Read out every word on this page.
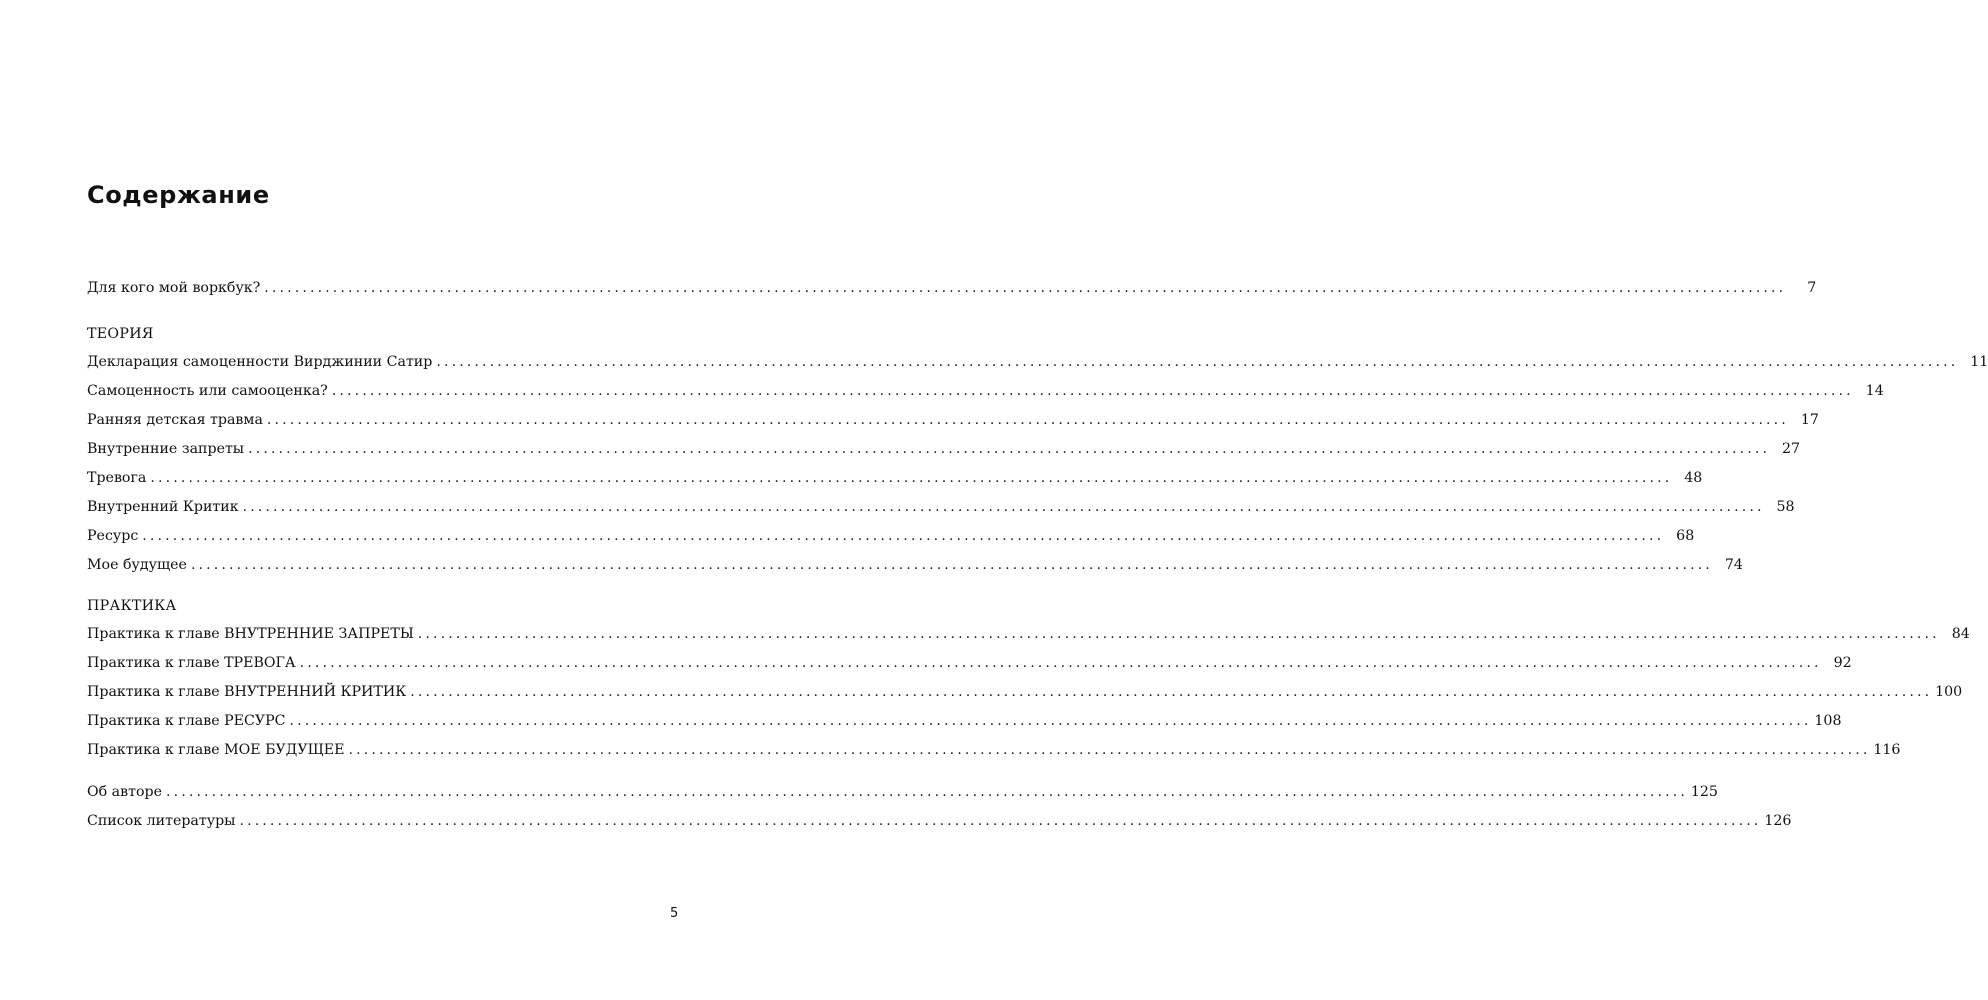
Содержание
Для кого мой воркбук? ........................................................................................................................................................................................................	7
ТЕОРИЯ
Декларация самоценности Вирджинии Сатир ........................................................................................................................................................................................................ 11
Самоценность или самооценка? ........................................................................................................................................................................................................ 14
Ранняя детская травма ........................................................................................................................................................................................................ 17
Внутренние запреты ........................................................................................................................................................................................................ 27
Тревога ........................................................................................................................................................................................................ 48
Внутренний Критик ........................................................................................................................................................................................................ 58
Ресурс ........................................................................................................................................................................................................ 68
Мое будущее ........................................................................................................................................................................................................ 74
ПРАКТИКА
Практика к главе ВНУТРЕННИЕ ЗАПРЕТЫ ........................................................................................................................................................................................................ 84
Практика к главе ТРЕВОГА ........................................................................................................................................................................................................ 92
Практика к главе ВНУТРЕННИЙ КРИТИК ........................................................................................................................................................................................................ 100
Практика к главе РЕСУРС ........................................................................................................................................................................................................ 108
Практика к главе МОЕ БУДУЩЕЕ ........................................................................................................................................................................................................ 116
Об авторе ........................................................................................................................................................................................................ 125
Список литературы ........................................................................................................................................................................................................ 126
5
